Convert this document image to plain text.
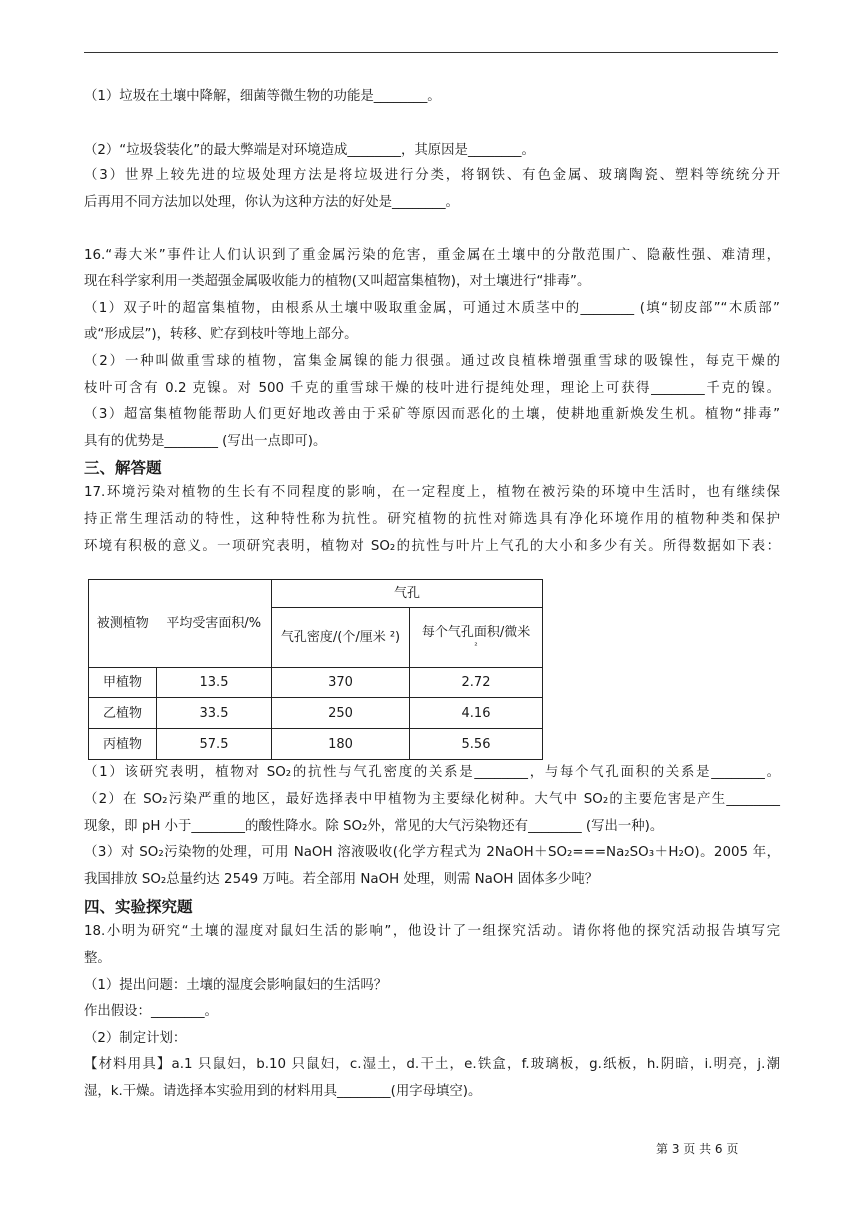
（1）垃圾在土壤中降解，细菌等微生物的功能是________。
（2）“垃圾袋装化”的最大弊端是对环境造成________，其原因是________。
（3）世界上较先进的垃圾处理方法是将垃圾进行分类，将钢铁、有色金属、玻璃陶瓷、塑料等统统分开
后再用不同方法加以处理，你认为这种方法的好处是________。
16.“毒大米”事件让人们认识到了重金属污染的危害，重金属在土壤中的分散范围广、隐蔽性强、难清理，
现在科学家利用一类超强金属吸收能力的植物(又叫超富集植物)，对土壤进行“排毒”。
（1）双子叶的超富集植物，由根系从土壤中吸取重金属，可通过木质茎中的________ (填“韧皮部”“木质部”
或“形成层”)，转移、贮存到枝叶等地上部分。
（2）一种叫做重雪球的植物，富集金属镍的能力很强。通过改良植株增强重雪球的吸镍性，每克干燥的
枝叶可含有 0.2 克镍。对 500 千克的重雪球干燥的枝叶进行提纯处理，理论上可获得________千克的镍。
（3）超富集植物能帮助人们更好地改善由于采矿等原因而恶化的土壤，使耕地重新焕发生机。植物“排毒”
具有的优势是________ (写出一点即可)。
三、解答题
17.环境污染对植物的生长有不同程度的影响，在一定程度上，植物在被污染的环境中生活时，也有继续保
持正常生理活动的特性，这种特性称为抗性。研究植物的抗性对筛选具有净化环境作用的植物种类和保护
环境有积极的意义。一项研究表明，植物对 SO₂的抗性与叶片上气孔的大小和多少有关。所得数据如下表：
被测植物	平均受害面积/%	气孔	
		气孔密度/(个/厘米 ²)	每个气孔面积/微米
²

甲植物	13.5	370	2.72
乙植物	33.5	250	4.16
丙植物	57.5	180	5.56
（1）该研究表明，植物对 SO₂的抗性与气孔密度的关系是________，与每个气孔面积的关系是________。
（2）在 SO₂污染严重的地区，最好选择表中甲植物为主要绿化树种。大气中 SO₂的主要危害是产生________
现象，即 pH 小于________的酸性降水。除 SO₂外，常见的大气污染物还有________ (写出一种)。
（3）对 SO₂污染物的处理，可用 NaOH 溶液吸收(化学方程式为 2NaOH＋SO₂===Na₂SO₃＋H₂O)。2005 年，
我国排放 SO₂总量约达 2549 万吨。若全部用 NaOH 处理，则需 NaOH 固体多少吨？
四、实验探究题
18.小明为研究“土壤的湿度对鼠妇生活的影响”，他设计了一组探究活动。请你将他的探究活动报告填写完
整。
（1）提出问题：土壤的湿度会影响鼠妇的生活吗？
作出假设：________。
（2）制定计划：
【材料用具】a.1 只鼠妇，b.10 只鼠妇，c.湿土，d.干土，e.铁盒，f.玻璃板，g.纸板，h.阴暗，i.明亮，j.潮
湿，k.干燥。请选择本实验用到的材料用具________(用字母填空)。
第 3 页 共 6 页
